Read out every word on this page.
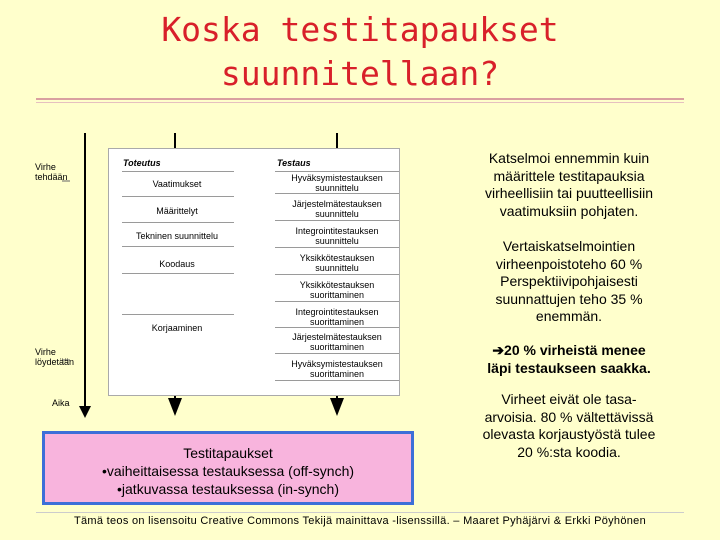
Koska testitapaukset
suunnitellaan?
Virhe
tehdään
Virhe
löydetään
Aika
Toteutus	Testaus
Vaatimukset
Määrittelyt
Tekninen suunnittelu
Koodaus
Korjaaminen
Hyväksymistestauksen
suunnittelu
Järjestelmätestauksen
suunnittelu
Integrointitestauksen
suunnittelu
Yksikkötestauksen
suunnittelu
Yksikkötestauksen
suorittaminen
Integrointitestauksen
suorittaminen
Järjestelmätestauksen
suorittaminen
Hyväksymistestauksen
suorittaminen
Testitapaukset
•vaiheittaisessa testauksessa (off-synch)
•jatkuvassa testauksessa (in-synch)
Katselmoi ennemmin kuin
määrittele testitapauksia
virheellisiin tai puutteellisiin
vaatimuksiin pohjaten.
Vertaiskatselmointien
virheenpoistoteho 60 %
Perspektiivipohjaisesti
suunnattujen teho 35 %
enemmän.
➔20 % virheistä menee
läpi testaukseen saakka.
Virheet eivät ole tasa-
arvoisia. 80 % vältettävissä
olevasta korjaustyöstä tulee
20 %:sta koodia.
Tämä teos on lisensoitu Creative Commons Tekijä mainittava -lisenssillä. – Maaret Pyhäjärvi & Erkki Pöyhönen
